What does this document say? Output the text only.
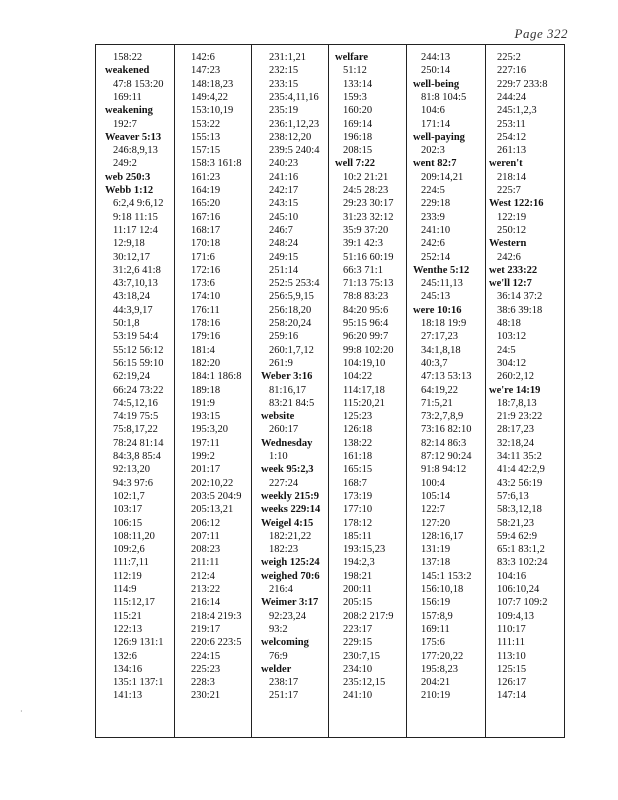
Page 322
158:22
weakened
47:8 153:20
169:11
weakening
192:7
Weaver 5:13
246:8,9,13
249:2
web 250:3
Webb 1:12
6:2,4 9:6,12
9:18 11:15
11:17 12:4
12:9,18
30:12,17
31:2,6 41:8
43:7,10,13
43:18,24
44:3,9,17
50:1,8
53:19 54:4
55:12 56:12
56:15 59:10
62:19,24
66:24 73:22
74:5,12,16
74:19 75:5
75:8,17,22
78:24 81:14
84:3,8 85:4
92:13,20
94:3 97:6
102:1,7
103:17
106:15
108:11,20
109:2,6
111:7,11
112:19
114:9
115:12,17
115:21
122:13
126:9 131:1
132:6
134:16
135:1 137:1
141:13
142:6
147:23
148:18,23
149:4,22
153:10,19
153:22
155:13
157:15
158:3 161:8
161:23
164:19
165:20
167:16
168:17
170:18
171:6
172:16
173:6
174:10
176:11
178:16
179:16
181:4
182:20
184:1 186:8
189:18
191:9
193:15
195:3,20
197:11
199:2
201:17
202:10,22
203:5 204:9
205:13,21
206:12
207:11
208:23
211:11
212:4
213:22
216:14
218:4 219:3
219:17
220:6 223:5
224:15
225:23
228:3
230:21
231:1,21
232:15
233:15
235:4,11,16
235:19
236:1,12,23
238:12,20
239:5 240:4
240:23
241:16
242:17
243:15
245:10
246:7
248:24
249:15
251:14
252:5 253:4
256:5,9,15
256:18,20
258:20,24
259:16
260:1,7,12
261:9
Weber 3:16
81:16,17
83:21 84:5
website
260:17
Wednesday
1:10
week 95:2,3
227:24
weekly 215:9
weeks 229:14
Weigel 4:15
182:21,22
182:23
weigh 125:24
weighed 70:6
216:4
Weimer 3:17
92:23,24
93:2
welcoming
76:9
welder
238:17
251:17
welfare
51:12
133:14
159:3
160:20
169:14
196:18
208:15
well 7:22
10:2 21:21
24:5 28:23
29:23 30:17
31:23 32:12
35:9 37:20
39:1 42:3
51:16 60:19
66:3 71:1
71:13 75:13
78:8 83:23
84:20 95:6
95:15 96:4
96:20 99:7
99:8 102:20
104:19,10
104:22
114:17,18
115:20,21
125:23
126:18
138:22
161:18
165:15
168:7
173:19
177:10
178:12
185:11
193:15,23
194:2,3
198:21
200:11
205:15
208:2 217:9
223:17
229:15
230:7,15
234:10
235:12,15
241:10
244:13
250:14
well-being
81:8 104:5
104:6
171:14
well-paying
202:3
went 82:7
209:14,21
224:5
229:18
233:9
241:10
242:6
252:14
Wenthe 5:12
245:11,13
245:13
were 10:16
18:18 19:9
27:17,23
34:1,8,18
40:3,7
47:13 53:13
64:19,22
71:5,21
73:2,7,8,9
73:16 82:10
82:14 86:3
87:12 90:24
91:8 94:12
100:4
105:14
122:7
127:20
128:16,17
131:19
137:18
145:1 153:2
156:10,18
156:19
157:8,9
169:11
175:6
177:20,22
195:8,23
204:21
210:19
225:2
227:16
229:7 233:8
244:24
245:1,2,3
253:11
254:12
261:13
weren't
218:14
225:7
West 122:16
122:19
250:12
Western
242:6
wet 233:22
we'll 12:7
36:14 37:2
38:6 39:18
48:18
103:12
24:5
304:12
260:2,12
we're 14:19
18:7,8,13
21:9 23:22
28:17,23
32:18,24
34:11 35:2
41:4 42:2,9
43:2 56:19
57:6,13
58:3,12,18
58:21,23
59:4 62:9
65:1 83:1,2
83:3 102:24
104:16
106:10,24
107:7 109:2
109:4,13
110:17
111:11
113:10
125:15
126:17
147:14
·
